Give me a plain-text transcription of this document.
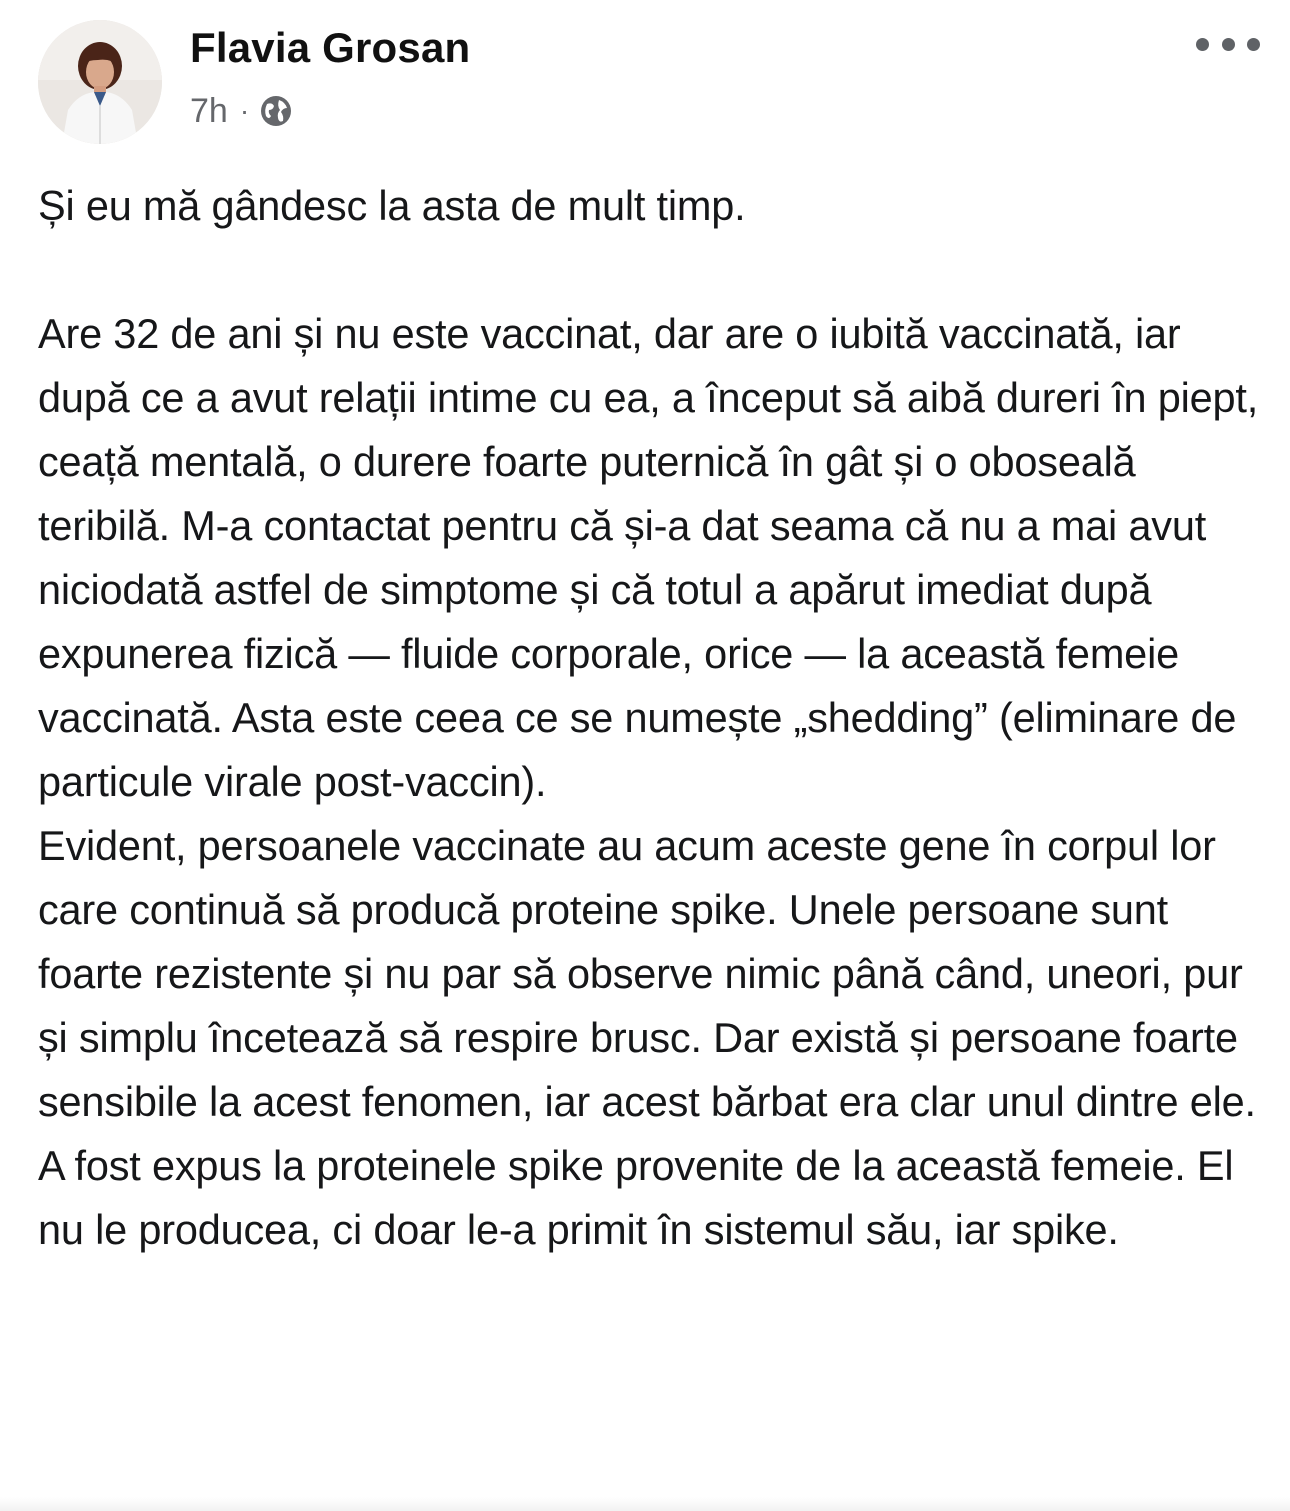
Flavia Grosan
7h ·

Și eu mă gândesc la asta de mult timp.

Are 32 de ani și nu este vaccinat, dar are o iubită vaccinată, iar după ce a avut relații intime cu ea, a început să aibă dureri în piept, ceață mentală, o durere foarte puternică în gât și o oboseală teribilă. M-a contactat pentru că și-a dat seama că nu a mai avut niciodată astfel de simptome și că totul a apărut imediat după expunerea fizică — fluide corporale, orice — la această femeie vaccinată. Asta este ceea ce se numește „shedding” (eliminare de particule virale post-vaccin).

Evident, persoanele vaccinate au acum aceste gene în corpul lor care continuă să producă proteine spike. Unele persoane sunt foarte rezistente și nu par să observe nimic până când, uneori, pur și simplu încetează să respire brusc. Dar există și persoane foarte sensibile la acest fenomen, iar acest bărbat era clar unul dintre ele. A fost expus la proteinele spike provenite de la această femeie. El nu le producea, ci doar le-a primit în sistemul său, iar spike.
